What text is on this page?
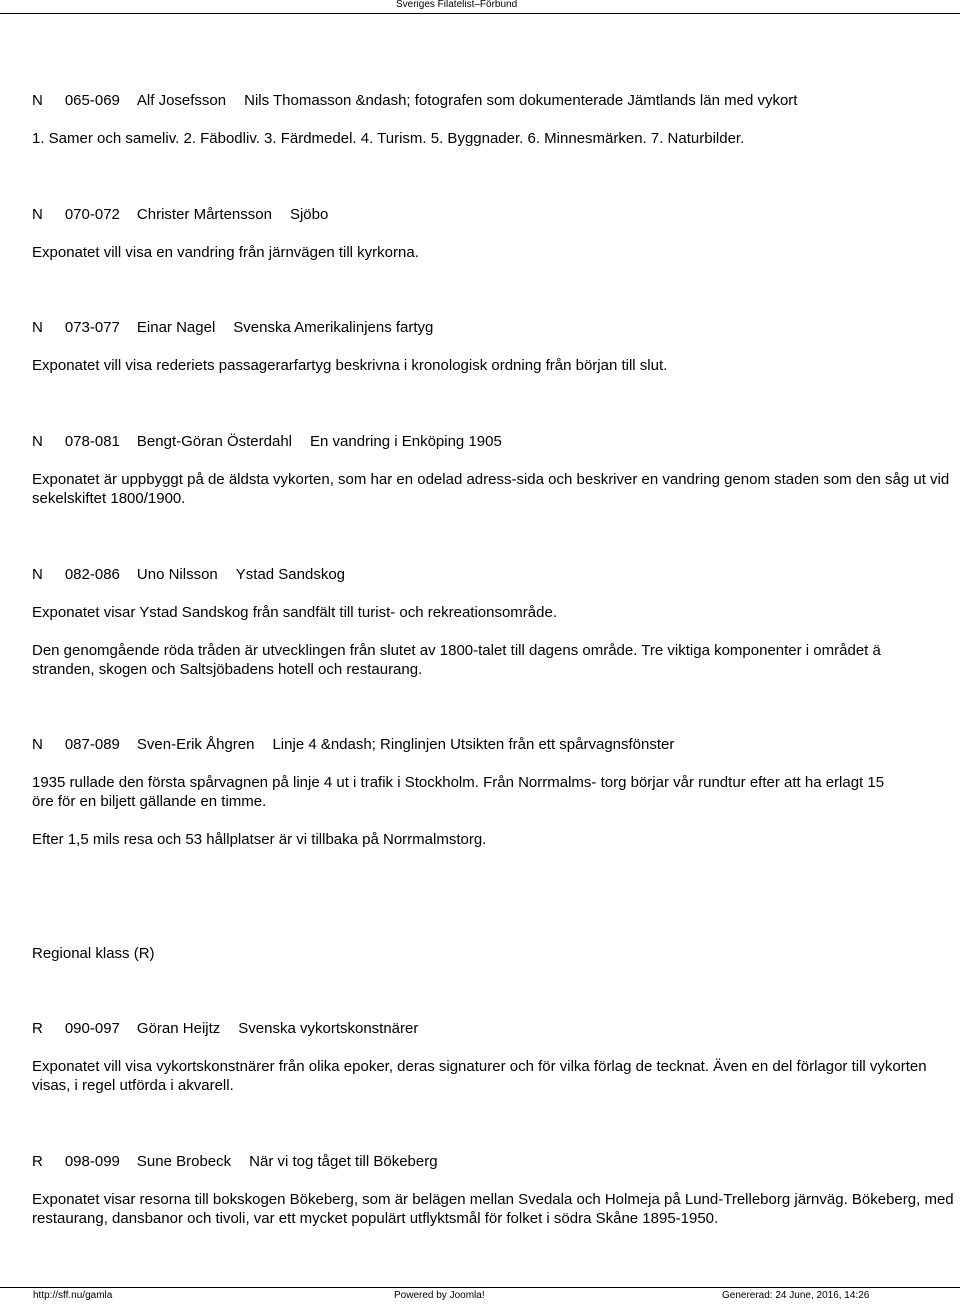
Sveriges Filatelist–Förbund

N 065-069 Alf Josefsson Nils Thomasson &ndash; fotografen som dokumenterade Jämtlands län med vykort

1. Samer och sameliv. 2. Fäbodliv. 3. Färdmedel. 4. Turism. 5. Byggnader. 6. Minnesmärken. 7. Naturbilder.

N 070-072 Christer Mårtensson Sjöbo

Exponatet vill visa en vandring från järnvägen till kyrkorna.

N 073-077 Einar Nagel Svenska Amerikalinjens fartyg

Exponatet vill visa rederiets passagerarfartyg beskrivna i kronologisk ordning från början till slut.

N 078-081 Bengt-Göran Österdahl En vandring i Enköping 1905

Exponatet är uppbyggt på de äldsta vykorten, som har en odelad adress-sida och beskriver en vandring genom staden som den såg ut vid sekelskiftet 1800/1900.

N 082-086 Uno Nilsson Ystad Sandskog

Exponatet visar Ystad Sandskog från sandfält till turist- och rekreationsområde.

Den genomgående röda tråden är utvecklingen från slutet av 1800-talet till dagens område. Tre viktiga komponenter i området ä

stranden, skogen och Saltsjöbadens hotell och restaurang.

N 087-089 Sven-Erik Åhgren Linje 4 &ndash; Ringlinjen Utsikten från ett spårvagnsfönster

1935 rullade den första spårvagnen på linje 4 ut i trafik i Stockholm. Från Norrmalms- torg börjar vår rundtur efter att ha erlagt 15

öre för en biljett gällande en timme.

Efter 1,5 mils resa och 53 hållplatser är vi tillbaka på Norrmalmstorg.

Regional klass (R)

R 090-097 Göran Heijtz Svenska vykortskonstnärer

Exponatet vill visa vykortskonstnärer från olika epoker, deras signaturer och för vilka förlag de tecknat. Även en del förlagor till vykorten visas, i regel utförda i akvarell.

R 098-099 Sune Brobeck När vi tog tåget till Bökeberg

Exponatet visar resorna till bokskogen Bökeberg, som är belägen mellan Svedala och Holmeja på Lund-Trelleborg järnväg. Bökeberg, med restaurang, dansbanor och tivoli, var ett mycket populärt utflyktsmål för folket i södra Skåne 1895-1950.

http://sff.nu/gamla	Powered by Joomla!	Genererad: 24 June, 2016, 14:26
